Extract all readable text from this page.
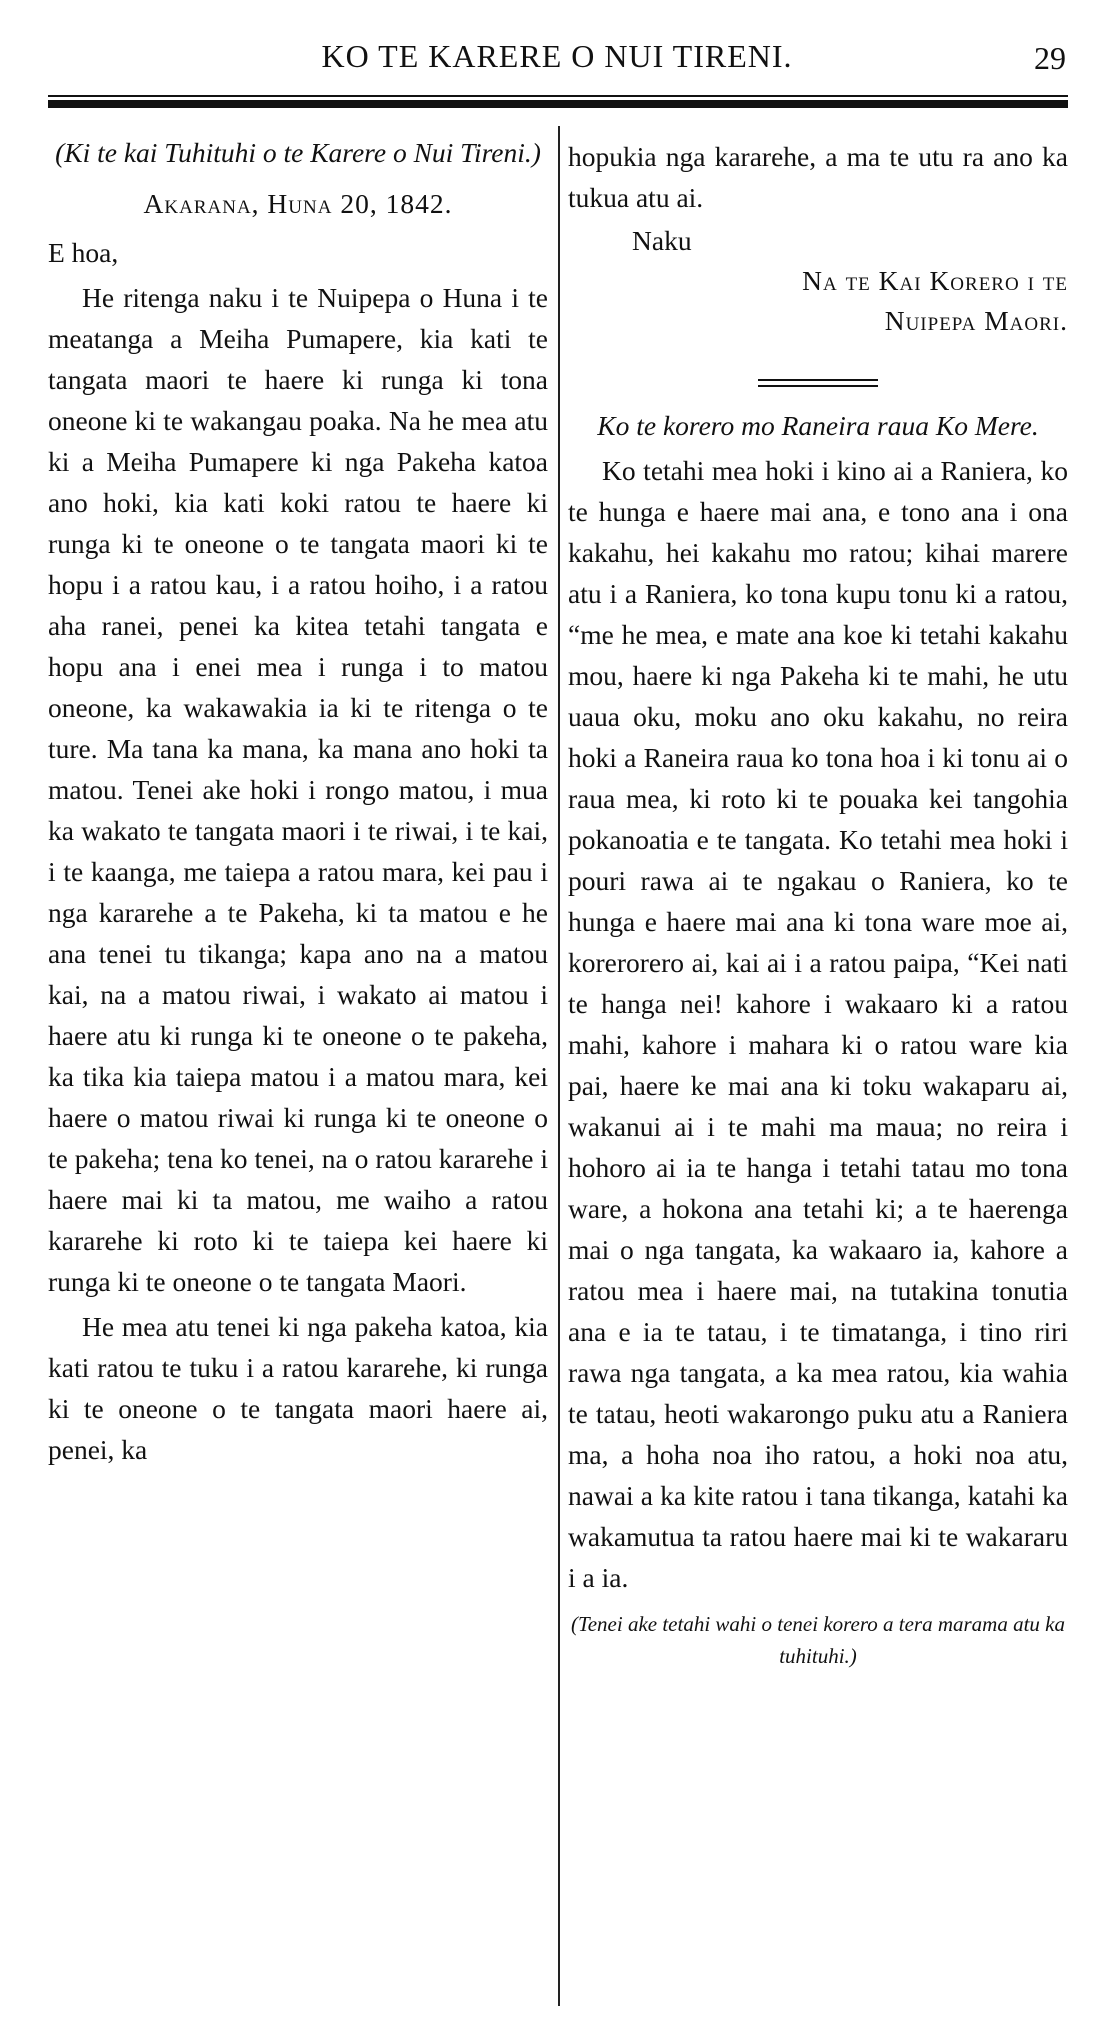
KO TE KARERE O NUI TIRENI.	29
(Ki te kai Tuhituhi o te Karere o Nui Tireni.)
Akarana, Huna 20, 1842.
E hoa,

He ritenga naku i te Nuipepa o Huna i te meatanga a Meiha Pumapere, kia kati te tangata maori te haere ki runga ki tona oneone ki te wakangau poaka. Na he mea atu ki a Meiha Pumapere ki nga Pakeha katoa ano hoki, kia kati koki ratou te haere ki runga ki te oneone o te tangata maori ki te hopu i a ratou kau, i a ratou hoiho, i a ratou aha ranei, penei ka kitea tetahi tangata e hopu ana i enei mea i runga i to matou oneone, ka wakawakia ia ki te ritenga o te ture. Ma tana ka mana, ka mana ano hoki ta matou. Tenei ake hoki i rongo matou, i mua ka wakato te tangata maori i te riwai, i te kai, i te kaanga, me taiepa a ratou mara, kei pau i nga kararehe a te Pakeha, ki ta matou e he ana tenei tu tikanga; kapa ano na a matou kai, na a matou riwai, i wakato ai matou i haere atu ki runga ki te oneone o te pakeha, ka tika kia taiepa matou i a matou mara, kei haere o matou riwai ki runga ki te oneone o te pakeha; tena ko tenei, na o ratou kararehe i haere mai ki ta matou, me waiho a ratou kararehe ki roto ki te taiepa kei haere ki runga ki te oneone o te tangata Maori.

He mea atu tenei ki nga pakeha katoa, kia kati ratou te tuku i a ratou kararehe, ki runga ki te oneone o te tangata maori haere ai, penei, ka

hopukia nga kararehe, a ma te utu ra ano ka tukua atu ai.

Naku
Na te Kai Korero i te
Nuipepa Maori.
Ko te korero mo Raneira raua Ko Mere.

Ko tetahi mea hoki i kino ai a Raniera, ko te hunga e haere mai ana, e tono ana i ona kakahu, hei kakahu mo ratou; kihai marere atu i a Raniera, ko tona kupu tonu ki a ratou, “me he mea, e mate ana koe ki tetahi kakahu mou, haere ki nga Pakeha ki te mahi, he utu uaua oku, moku ano oku kakahu, no reira hoki a Raneira raua ko tona hoa i ki tonu ai o raua mea, ki roto ki te pouaka kei tangohia pokanoatia e te tangata. Ko tetahi mea hoki i pouri rawa ai te ngakau o Raniera, ko te hunga e haere mai ana ki tona ware moe ai, korerorero ai, kai ai i a ratou paipa, “Kei nati te hanga nei! kahore i wakaaro ki a ratou mahi, kahore i mahara ki o ratou ware kia pai, haere ke mai ana ki toku wakaparu ai, wakanui ai i te mahi ma maua; no reira i hohoro ai ia te hanga i tetahi tatau mo tona ware, a hokona ana tetahi ki; a te haerenga mai o nga tangata, ka wakaaro ia, kahore a ratou mea i haere mai, na tutakina tonutia ana e ia te tatau, i te timatanga, i tino riri rawa nga tangata, a ka mea ratou, kia wahia te tatau, heoti wakarongo puku atu a Raniera ma, a hoha noa iho ratou, a hoki noa atu, nawai a ka kite ratou i tana tikanga, katahi ka wakamutua ta ratou haere mai ki te wakararu i a ia.

(Tenei ake tetahi wahi o tenei korero a tera marama atu ka tuhituhi.)
